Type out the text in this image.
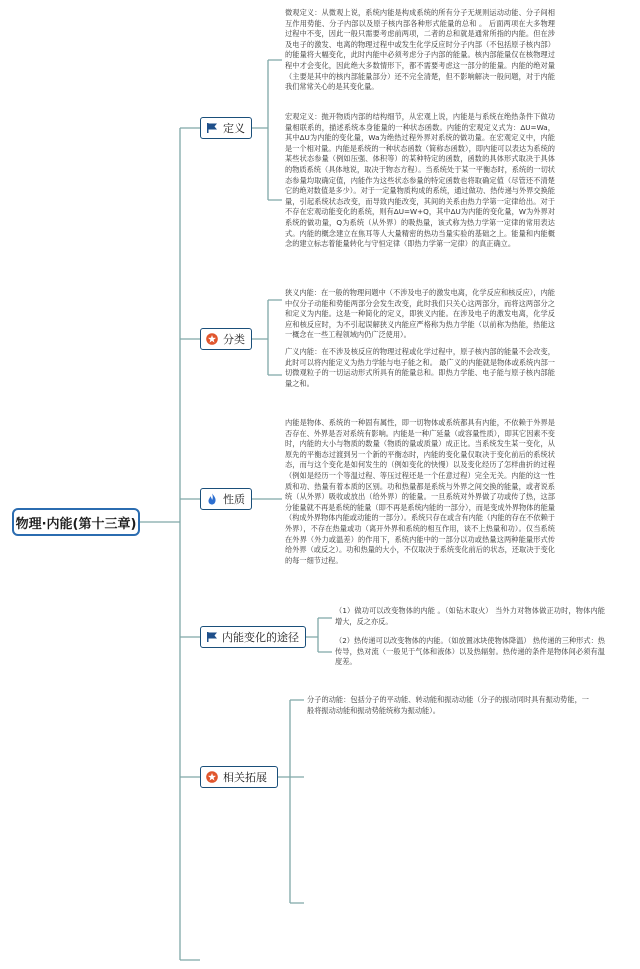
物理·内能(第十三章)
定义
分类
性质
内能变化的途径
相关拓展
微观定义：从微观上说，系统内能是构成系统的所有分子无规则运动动能、分子间相互作用势能、分子内部以及原子核内部各种形式能量的总和 。 后面两项在大多物理过程中不变，因此一般只需要考虑前两项，二者的总和就是通常所指的内能。但在涉及电子的激发、电离的物理过程中或发生化学反应时分子内部（不包括原子核内部）的能量将大幅变化，此时内能中必须考虑分子内部的能量。核内部能量仅在核物理过程中才会变化，因此绝大多数情形下，都不需要考虑这一部分的能量。内能的绝对量（主要是其中的核内部能量部分）还不完全清楚，但不影响解决一般问题，对于内能我们常常关心的是其变化量。
宏观定义：抛开物质内部的结构细节，从宏观上说，内能是与系统在绝热条件下做功量相联系的，描述系统本身能量的一种状态函数。内能的宏观定义式为：ΔU=Wa，其中ΔU为内能的变化量，Wa为绝热过程外界对系统的做功量。在宏观定义中，内能是一个相对量。内能是系统的一种状态函数（简称态函数），即内能可以表达为系统的某些状态参量（例如压强、体积等）的某种特定的函数，函数的具体形式取决于具体的物质系统（具体地说，取决于物态方程）。当系统处于某一平衡态时，系统的一切状态参量均取确定值，内能作为这些状态参量的特定函数也将取确定值（尽管还不清楚它的绝对数值是多少）。对于一定量物质构成的系统，通过做功、热传递与外界交换能量，引起系统状态改变，而导致内能改变，其间的关系由热力学第一定律给出。对于不存在宏观动能变化的系统，则有ΔU=W+Q，其中ΔU为内能的变化量，W为外界对系统的做功量，Q为系统（从外界）的吸热量，该式称为热力学第一定律的常用表达式。内能的概念建立在焦耳等人大量精密的热功当量实验的基础之上。能量和内能概念的建立标志着能量转化与守恒定律（即热力学第一定律）的真正确立。
狭义内能：在一般的物理问题中（不涉及电子的激发电离，化学反应和核反应），内能中仅分子动能和势能两部分会发生改变，此时我们只关心这两部分，而将这两部分之和定义为内能。这是一种简化的定义，即狭义内能。在涉及电子的激发电离，化学反应和核反应时，为不引起误解狭义内能应严格称为热力学能（以前称为热能，热能这一概念在一些工程领域内仍广泛使用）。
广义内能：在不涉及核反应的物理过程或化学过程中，原子核内部的能量不会改变，此时可以将内能定义为热力学能与电子能之和。 最广义的内能就是物体或系统内部一切微观粒子的一切运动形式所具有的能量总和。即热力学能、电子能与原子核内部能量之和。
内能是物体、系统的一种固有属性，即一切物体或系统都具有内能，不依赖于外界是否存在、外界是否对系统有影响。内能是一种广延量（或容量性质），即其它因素不变时，内能的大小与物质的数量（物质的量或质量）成正比。当系统发生某一变化，从原先的平衡态过渡到另一个新的平衡态时，内能的变化量仅取决于变化前后的系统状态，而与这个变化是如何发生的（例如变化的快慢）以及变化经历了怎样曲折的过程（例如是经历一个等温过程、等压过程还是一个任意过程）完全无关。内能的这一性质和功、热量有着本质的区别。功和热量都是系统与外界之间交换的能量，或者说系统（从外界）吸收或放出（给外界）的能量。一旦系统对外界做了功或传了热，这部分能量就不再是系统的能量（即不再是系统内能的一部分），而是变成外界物体的能量（构成外界物体内能或动能的一部分）。系统只存在或含有内能（内能的存在不依赖于外界），不存在热量或功（离开外界和系统的相互作用，谈不上热量和功）。仅当系统在外界（外力或温差）的作用下，系统内能中的一部分以功或热量这两种能量形式传给外界（或反之）。功和热量的大小，不仅取决于系统变化前后的状态，还取决于变化的每一细节过程。
（1）做功可以改变物体的内能 。（如钻木取火） 当外力对物体做正功时，物体内能增大，反之亦反。
（2）热传递可以改变物体的内能。（如放置冰块使物体降温） 热传递的三种形式：热传导，热对流（一般见于气体和液体）以及热辐射。热传递的条件是物体间必须有温度差。
分子的动能：包括分子的平动能、转动能和振动动能（分子的振动同时具有振动势能，一般将振动动能和振动势能统称为振动能）。
